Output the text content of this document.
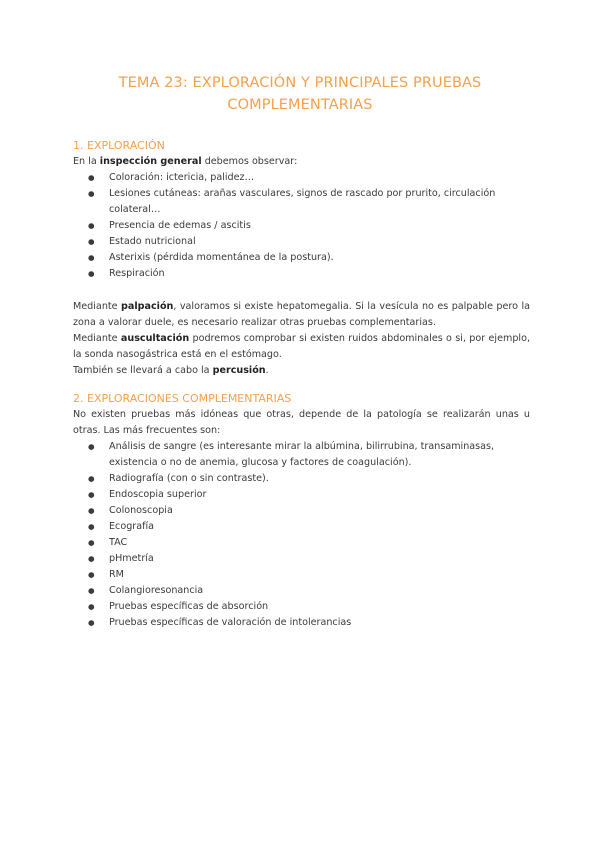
TEMA 23: EXPLORACIÓN Y PRINCIPALES PRUEBAS
COMPLEMENTARIAS
1. EXPLORACIÓN

En la inspección general debemos observar:

● Coloración: ictericia, palidez…
● Lesiones cutáneas: arañas vasculares, signos de rascado por prurito, circulación colateral…
● Presencia de edemas / ascitis
● Estado nutricional
● Asterixis (pérdida momentánea de la postura).
● Respiración

Mediante palpación, valoramos si existe hepatomegalia. Si la vesícula no es palpable pero la zona a valorar duele, es necesario realizar otras pruebas complementarias.

Mediante auscultación podremos comprobar si existen ruidos abdominales o si, por ejemplo, la sonda nasogástrica está en el estómago.

También se llevará a cabo la percusión.

2. EXPLORACIONES COMPLEMENTARIAS

No existen pruebas más idóneas que otras, depende de la patología se realizarán unas u otras. Las más frecuentes son:

● Análisis de sangre (es interesante mirar la albúmina, bilirrubina, transaminasas, existencia o no de anemia, glucosa y factores de coagulación).
● Radiografía (con o sin contraste).
● Endoscopia superior
● Colonoscopia
● Ecografía
● TAC
● pHmetría
● RM
● Colangioresonancia
● Pruebas específicas de absorción
● Pruebas específicas de valoración de intolerancias
